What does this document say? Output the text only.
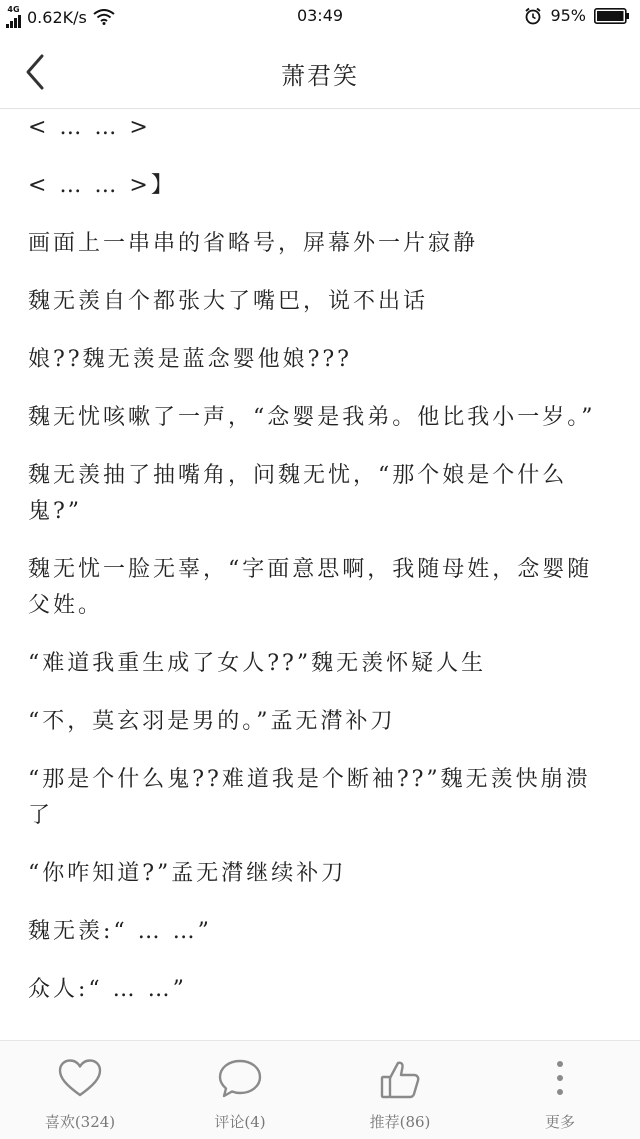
4G 0.62K/s	03:49	95%
萧君笑

< … … >

< … … >】

画面上一串串的省略号，屏幕外一片寂静

魏无羡自个都张大了嘴巴，说不出话

娘??魏无羡是蓝念婴他娘???

魏无忧咳嗽了一声，“念婴是我弟。他比我小一岁。”

魏无羡抽了抽嘴角，问魏无忧，“那个娘是个什么鬼?”

魏无忧一脸无辜，“字面意思啊，我随母姓，念婴随父姓。

“难道我重生成了女人??”魏无羡怀疑人生

“不，莫玄羽是男的。”孟无潸补刀

“那是个什么鬼??难道我是个断袖??”魏无羡快崩溃了

“你咋知道?”孟无潸继续补刀

魏无羡:“ … …”

众人:“ … …”

喜欢(324)	评论(4)	推荐(86)	更多
